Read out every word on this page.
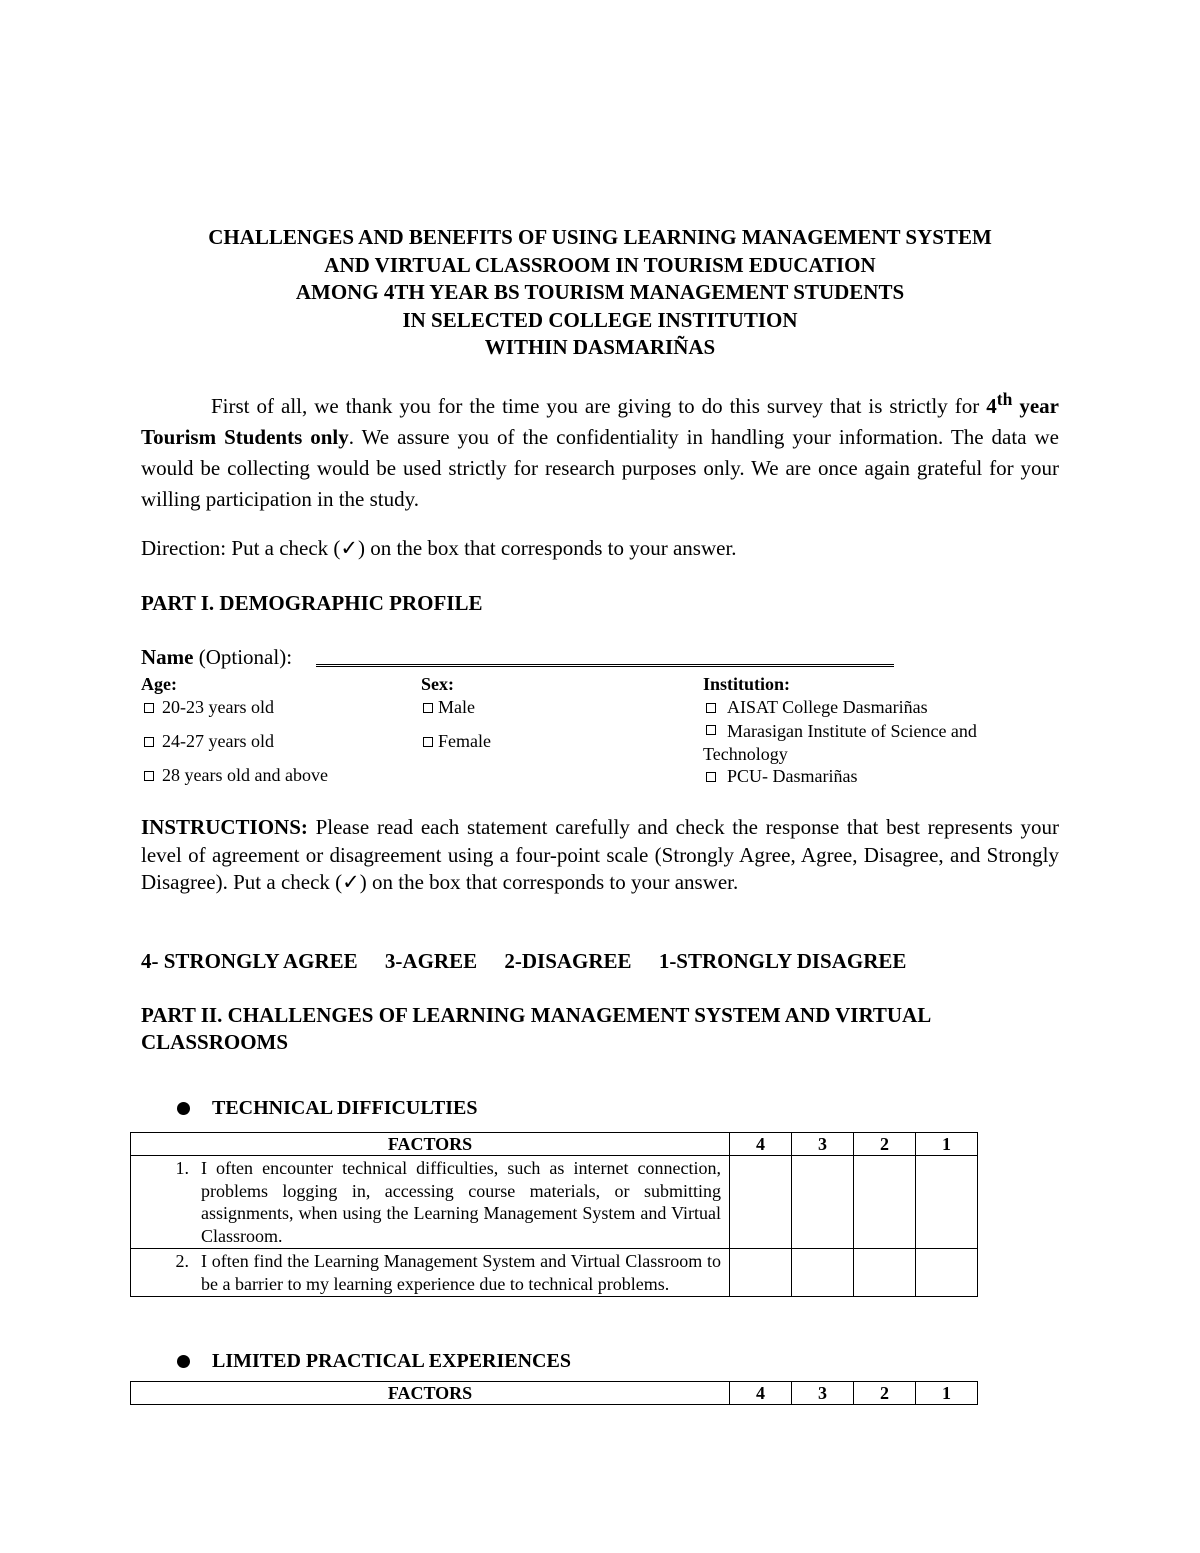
CHALLENGES AND BENEFITS OF USING LEARNING MANAGEMENT SYSTEM
AND VIRTUAL CLASSROOM IN TOURISM EDUCATION
AMONG 4TH YEAR BS TOURISM MANAGEMENT STUDENTS
IN SELECTED COLLEGE INSTITUTION
WITHIN DASMARIÑAS
First of all, we thank you for the time you are giving to do this survey that is strictly for 4th year Tourism Students only. We assure you of the confidentiality in handling your information. The data we would be collecting would be used strictly for research purposes only. We are once again grateful for your willing participation in the study.
Direction: Put a check (✓) on the box that corresponds to your answer.
PART I. DEMOGRAPHIC PROFILE
Name (Optional):
Age:
20-23 years old
24-27 years old
28 years old and above
Sex:
Male
Female
Institution:
AISAT College Dasmariñas
Marasigan Institute of Science and Technology
PCU- Dasmariñas
INSTRUCTIONS: Please read each statement carefully and check the response that best represents your level of agreement or disagreement using a four-point scale (Strongly Agree, Agree, Disagree, and Strongly Disagree). Put a check (✓) on the box that corresponds to your answer.
4- STRONGLY AGREE 3-AGREE 2-DISAGREE 1-STRONGLY DISAGREE
PART II. CHALLENGES OF LEARNING MANAGEMENT SYSTEM AND VIRTUAL CLASSROOMS
TECHNICAL DIFFICULTIES
FACTORS	4	3	2	1

1. I often encounter technical difficulties, such as internet connection, problems logging in, accessing course materials, or submitting assignments, when using the Learning Management System and Virtual Classroom.				

2. I often find the Learning Management System and Virtual Classroom to be a barrier to my learning experience due to technical problems.				

LIMITED PRACTICAL EXPERIENCES
FACTORS	4	3	2	1
